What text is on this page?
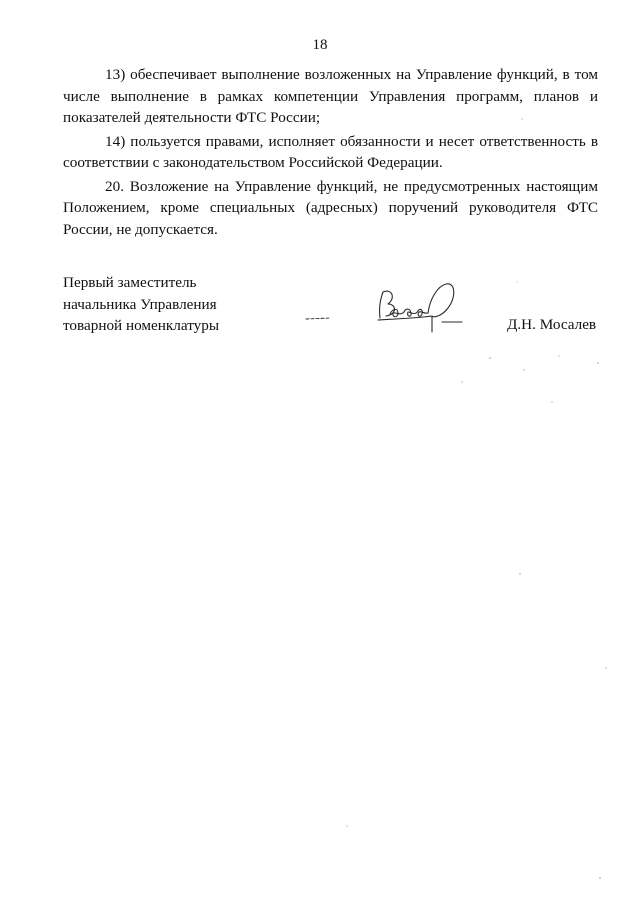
18

13) обеспечивает выполнение возложенных на Управление функций, в том числе выполнение в рамках компетенции Управления программ, планов и показателей деятельности ФТС России;

14) пользуется правами, исполняет обязанности и несет ответственность в соответствии с законодательством Российской Федерации.

20. Возложение на Управление функций, не предусмотренных настоящим Положением, кроме специальных (адресных) поручений руководителя ФТС России, не допускается.

Первый заместитель
начальника Управления
товарной номенклатуры	Д.Н. Мосалев
